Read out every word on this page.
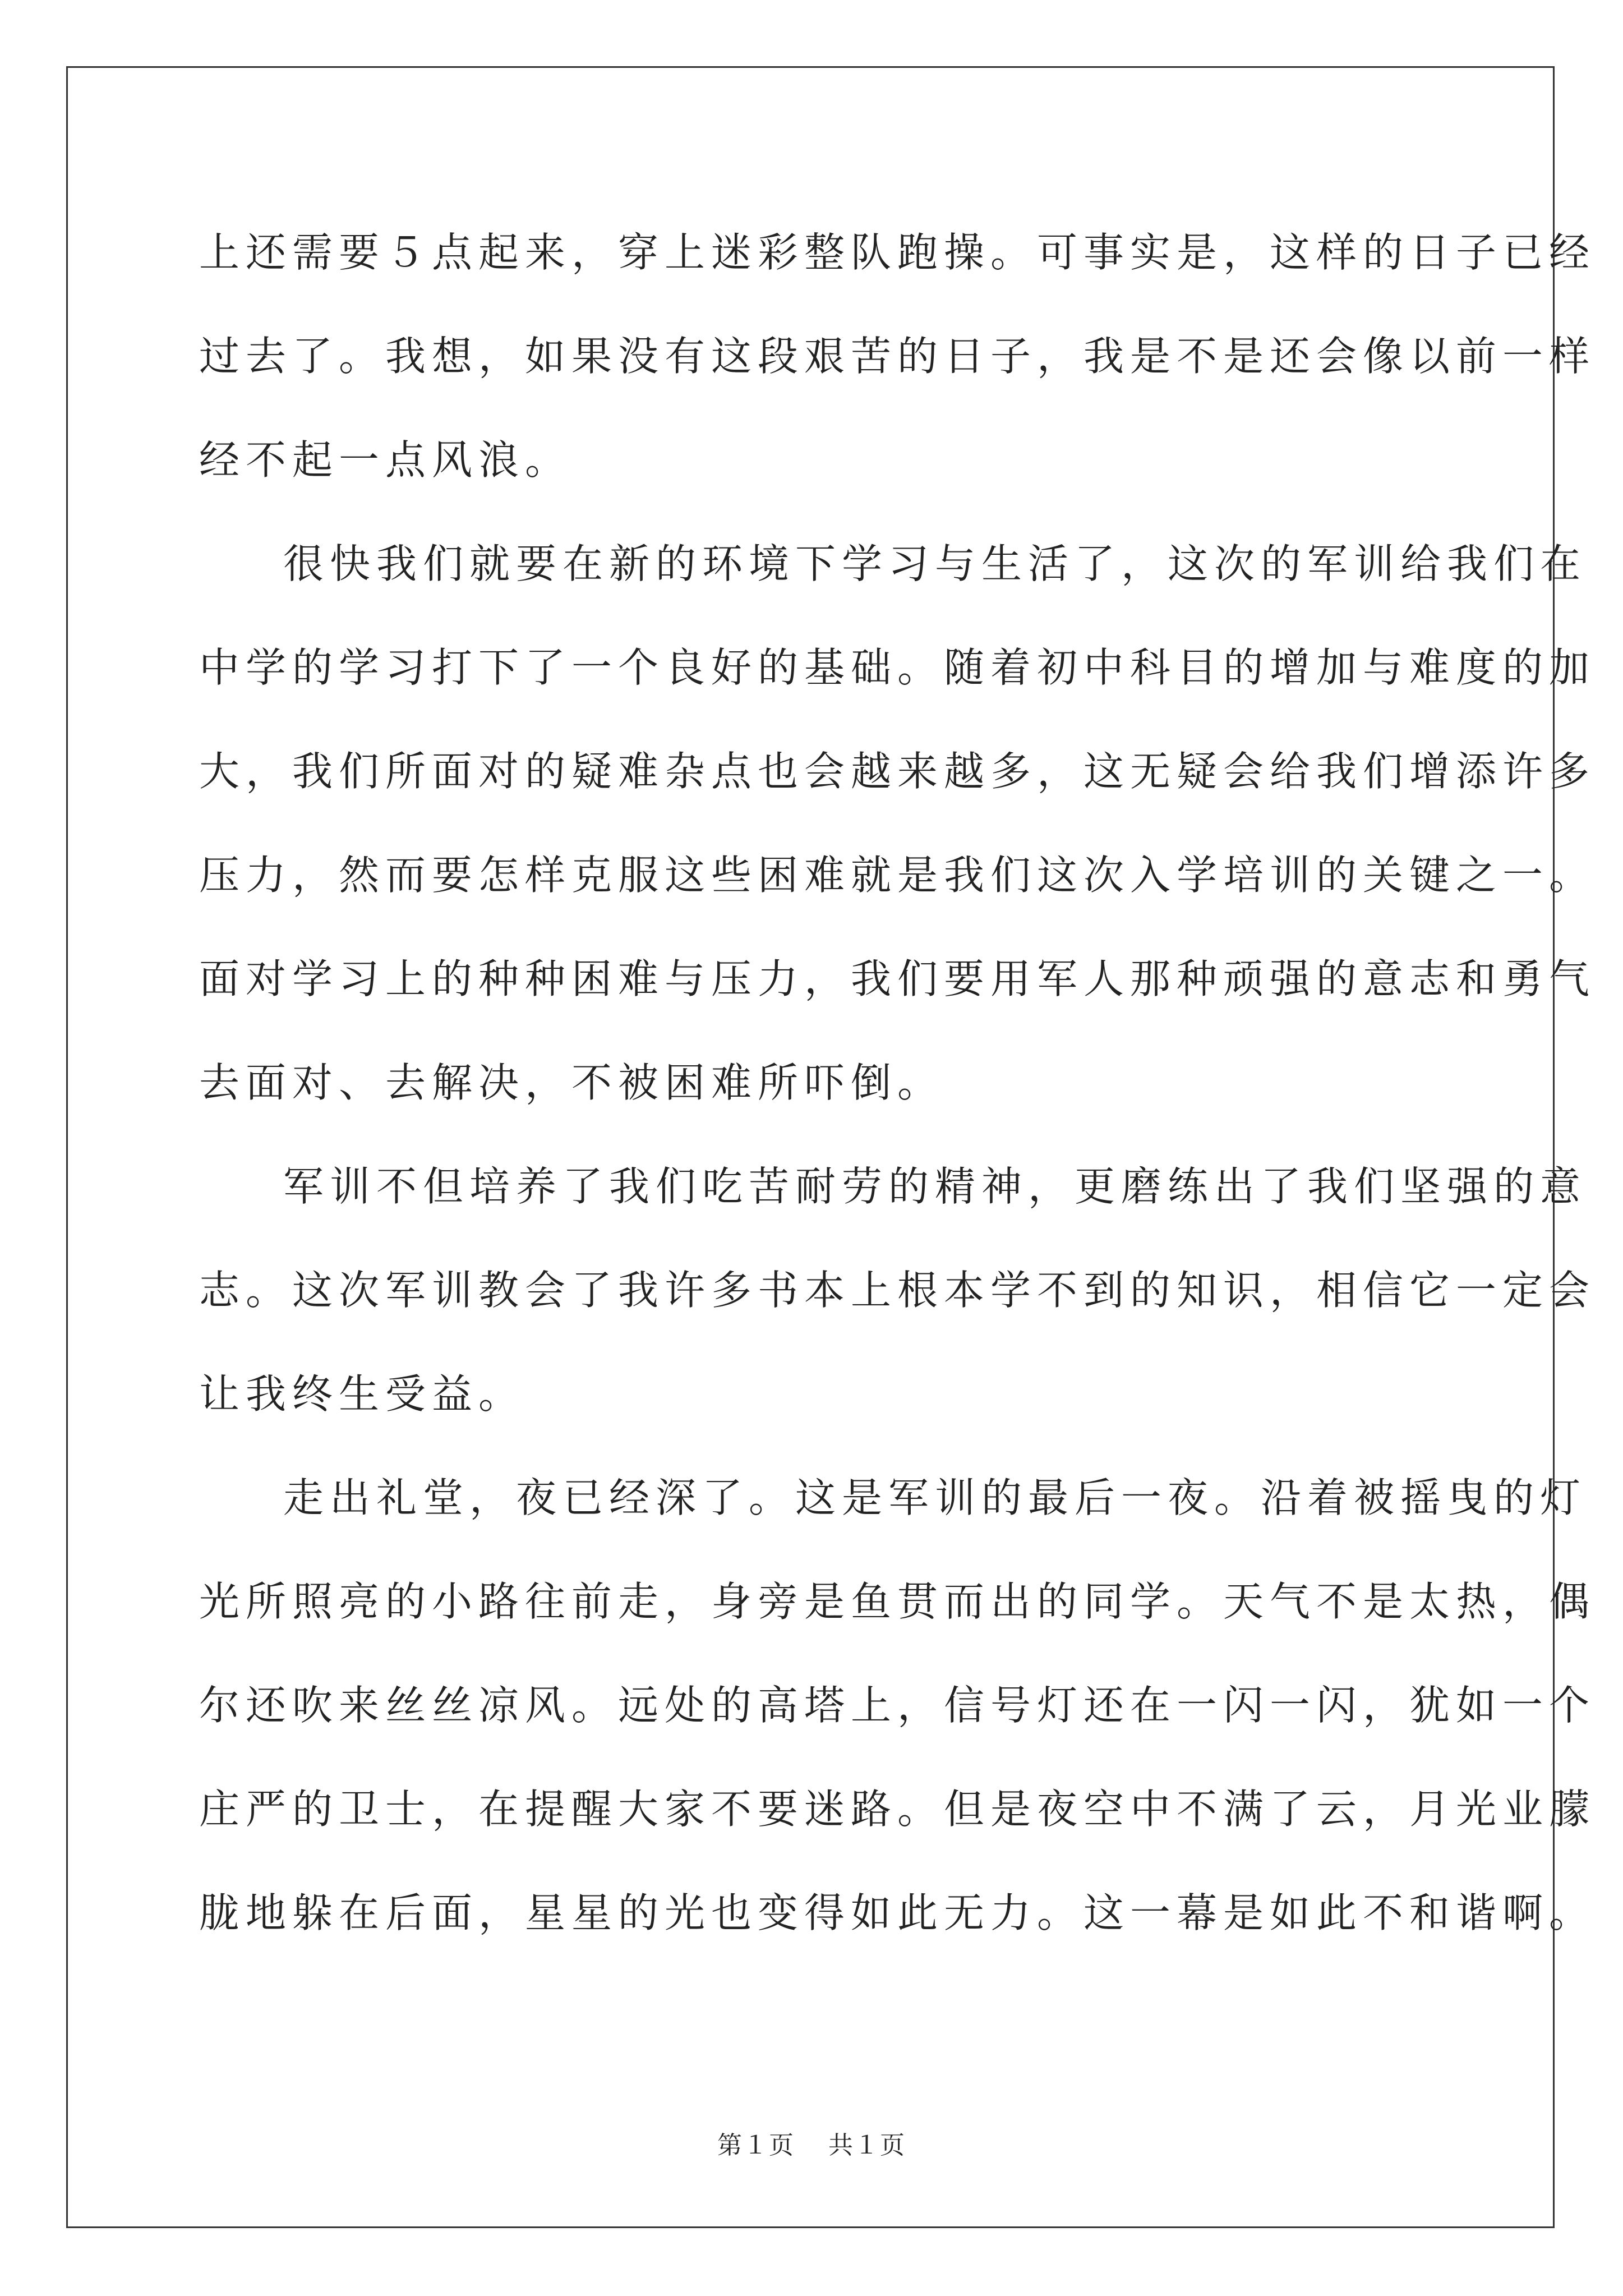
上还需要５点起来，穿上迷彩整队跑操。可事实是，这样的日子已经
过去了。我想，如果没有这段艰苦的日子，我是不是还会像以前一样
经不起一点风浪。
很快我们就要在新的环境下学习与生活了，这次的军训给我们在
中学的学习打下了一个良好的基础。随着初中科目的增加与难度的加
大，我们所面对的疑难杂点也会越来越多，这无疑会给我们增添许多
压力，然而要怎样克服这些困难就是我们这次入学培训的关键之一。
面对学习上的种种困难与压力，我们要用军人那种顽强的意志和勇气
去面对、去解决，不被困难所吓倒。
军训不但培养了我们吃苦耐劳的精神，更磨练出了我们坚强的意
志。这次军训教会了我许多书本上根本学不到的知识，相信它一定会
让我终生受益。
走出礼堂，夜已经深了。这是军训的最后一夜。沿着被摇曳的灯
光所照亮的小路往前走，身旁是鱼贯而出的同学。天气不是太热，偶
尔还吹来丝丝凉风。远处的高塔上，信号灯还在一闪一闪，犹如一个
庄严的卫士，在提醒大家不要迷路。但是夜空中不满了云，月光业朦
胧地躲在后面，星星的光也变得如此无力。这一幕是如此不和谐啊。
第１页 共１页
